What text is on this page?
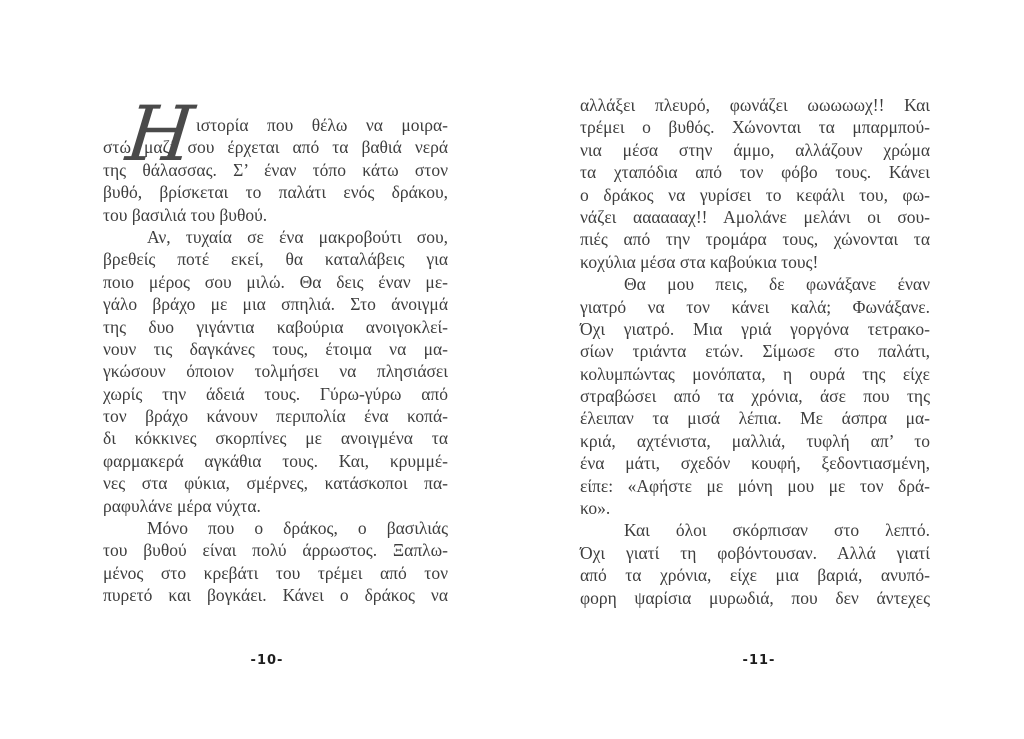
Η
ιστορία που θέλω να μοιρα-
στώ μαζί σου έρχεται από τα βαθιά νερά
της θάλασσας. Σ’ έναν τόπο κάτω στον
βυθό, βρίσκεται το παλάτι ενός δράκου,
του βασιλιά του βυθού.
Αν, τυχαία σε ένα μακροβούτι σου,
βρεθείς ποτέ εκεί, θα καταλάβεις για
ποιο μέρος σου μιλώ. Θα δεις έναν με-
γάλο βράχο με μια σπηλιά. Στο άνοιγμά
της δυο γιγάντια καβούρια ανοιγοκλεί-
νουν τις δαγκάνες τους, έτοιμα να μα-
γκώσουν όποιον τολμήσει να πλησιάσει
χωρίς την άδειά τους. Γύρω-γύρω από
τον βράχο κάνουν περιπολία ένα κοπά-
δι κόκκινες σκορπίνες με ανοιγμένα τα
φαρμακερά αγκάθια τους. Και, κρυμμέ-
νες στα φύκια, σμέρνες, κατάσκοποι πα-
ραφυλάνε μέρα νύχτα.
Μόνο που ο δράκος, ο βασιλιάς
του βυθού είναι πολύ άρρωστος. Ξαπλω-
μένος στο κρεβάτι του τρέμει από τον
πυρετό και βογκάει. Κάνει ο δράκος να
αλλάξει πλευρό, φωνάζει ωωωωωχ!! Και
τρέμει ο βυθός. Χώνονται τα μπαρμπού-
νια μέσα στην άμμο, αλλάζουν χρώμα
τα χταπόδια από τον φόβο τους. Κάνει
ο δράκος να γυρίσει το κεφάλι του, φω-
νάζει ααααααχ!! Αμολάνε μελάνι οι σου-
πιές από την τρομάρα τους, χώνονται τα
κοχύλια μέσα στα καβούκια τους!
Θα μου πεις, δε φωνάξανε έναν
γιατρό να τον κάνει καλά; Φωνάξανε.
Όχι γιατρό. Μια γριά γοργόνα τετρακο-
σίων τριάντα ετών. Σίμωσε στο παλάτι,
κολυμπώντας μονόπατα, η ουρά της είχε
στραβώσει από τα χρόνια, άσε που της
έλειπαν τα μισά λέπια. Με άσπρα μα-
κριά, αχτένιστα, μαλλιά, τυφλή απ’ το
ένα μάτι, σχεδόν κουφή, ξεδοντιασμένη,
είπε: «Αφήστε με μόνη μου με τον δρά-
κο».
Και όλοι σκόρπισαν στο λεπτό.
Όχι γιατί τη φοβόντουσαν. Αλλά γιατί
από τα χρόνια, είχε μια βαριά, ανυπό-
φορη ψαρίσια μυρωδιά, που δεν άντεχες
-10-	-11-
